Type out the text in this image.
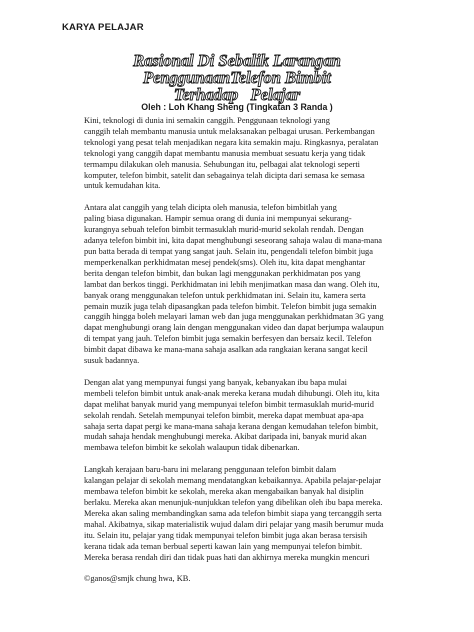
KARYA PELAJAR
Rasional Di Sebalik Larangan
PenggunaanTelefon Bimbit
Terhadap   Pelajar
Oleh : Loh Khang Sheng (Tingkatan 3 Randa )
Kini, teknologi di dunia ini semakin canggih. Penggunaan teknologi yang
canggih telah membantu manusia untuk melaksanakan pelbagai urusan. Perkembangan
teknologi yang pesat telah menjadikan negara kita semakin maju. Ringkasnya, peralatan
teknologi yang canggih dapat membantu manusia membuat sesuatu kerja yang tidak
termampu dilakukan oleh manusia. Sehubungan itu, pelbagai alat teknologi seperti
komputer, telefon bimbit, satelit dan sebagainya telah dicipta dari semasa ke semasa
untuk kemudahan kita.
Antara alat canggih yang telah dicipta oleh manusia, telefon bimbitlah yang
paling biasa digunakan. Hampir semua orang di dunia ini mempunyai sekurang-
kurangnya sebuah telefon bimbit termasuklah murid-murid sekolah rendah. Dengan
adanya telefon bimbit ini, kita dapat menghubungi seseorang sahaja walau di mana-mana
pun batta berada di tempat yang sangat jauh. Selain itu, pengendali telefon bimbit juga
memperkenalkan perkhidmatan mesej pendek(sms). Oleh itu, kita dapat menghantar
berita dengan telefon bimbit, dan bukan lagi menggunakan perkhidmatan pos yang
lambat dan berkos tinggi. Perkhidmatan ini lebih menjimatkan masa dan wang. Oleh itu,
banyak orang menggunakan telefon untuk perkhidmatan ini. Selain itu, kamera serta
pemain muzik juga telah dipasangkan pada telefon bimbit. Telefon bimbit juga semakin
canggih hingga boleh melayari laman web dan juga menggunakan perkhidmatan 3G yang
dapat menghubungi orang lain dengan menggunakan video dan dapat berjumpa walaupun
di tempat yang jauh. Telefon bimbit juga semakin berfesyen dan bersaiz kecil. Telefon
bimbit dapat dibawa ke mana-mana sahaja asalkan ada rangkaian kerana sangat kecil
susuk badannya.
Dengan alat yang mempunyai fungsi yang banyak, kebanyakan ibu bapa mulai
membeli telefon bimbit untuk anak-anak mereka kerana mudah dihubungi. Oleh itu, kita
dapat melihat banyak murid yang mempunyai telefon bimbit termasuklah murid-murid
sekolah rendah. Setelah mempunyai telefon bimbit, mereka dapat membuat apa-apa
sahaja serta dapat pergi ke mana-mana sahaja kerana dengan kemudahan telefon bimbit,
mudah sahaja hendak menghubungi mereka. Akibat daripada ini, banyak murid akan
membawa telefon bimbit ke sekolah walaupun tidak dibenarkan.
Langkah kerajaan baru-baru ini melarang penggunaan telefon bimbit dalam
kalangan pelajar di sekolah memang mendatangkan kebaikannya. Apabila pelajar-pelajar
membawa telefon bimbit ke sekolah, mereka akan mengabaikan banyak hal disiplin
berlaku. Mereka akan menunjuk-nunjukkan telefon yang dibelikan oleh ibu bapa mereka.
Mereka akan saling membandingkan sama ada telefon bimbit siapa yang tercanggih serta
mahal. Akibatnya, sikap materialistik wujud dalam diri pelajar yang masih berumur muda
itu. Selain itu, pelajar yang tidak mempunyai telefon bimbit juga akan berasa tersisih
kerana tidak ada teman berbual seperti kawan lain yang mempunyai telefon bimbit.
Mereka berasa rendah diri dan tidak puas hati dan akhirnya mereka mungkin mencuri
©ganos@smjk chung hwa, KB.
